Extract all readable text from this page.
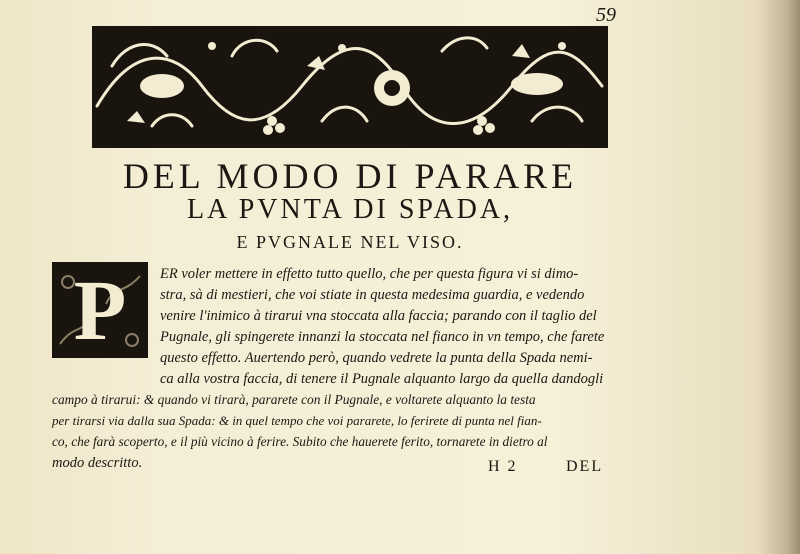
59
DEL MODO DI PARARE
LA PVNTA DI SPADA,
E PVGNALE NEL VISO.
P	ER voler mettere in effetto tutto quello, che per questa figura vi si dimo-
stra, sà di mestieri, che voi stiate in questa medesima guardia, e vedendo
venire l'inimico à tirarui vna stoccata alla faccia; parando con il taglio del
Pugnale, gli spingerete innanzi la stoccata nel fianco in vn tempo, che farete
questo effetto. Auertendo però, quando vedrete la punta della Spada nemi-
ca alla vostra faccia, di tenere il Pugnale alquanto largo da quella dandogli
campo à tirarui: & quando vi tirarà, pararete con il Pugnale, e voltarete alquanto la testa
per tirarsi via dalla sua Spada: & in quel tempo che voi pararete, lo ferirete di punta nel fian-
co, che farà scoperto, e il più vicino à ferire. Subito che hauerete ferito, tornarete in dietro al
modo descritto.	H 2	DEL
